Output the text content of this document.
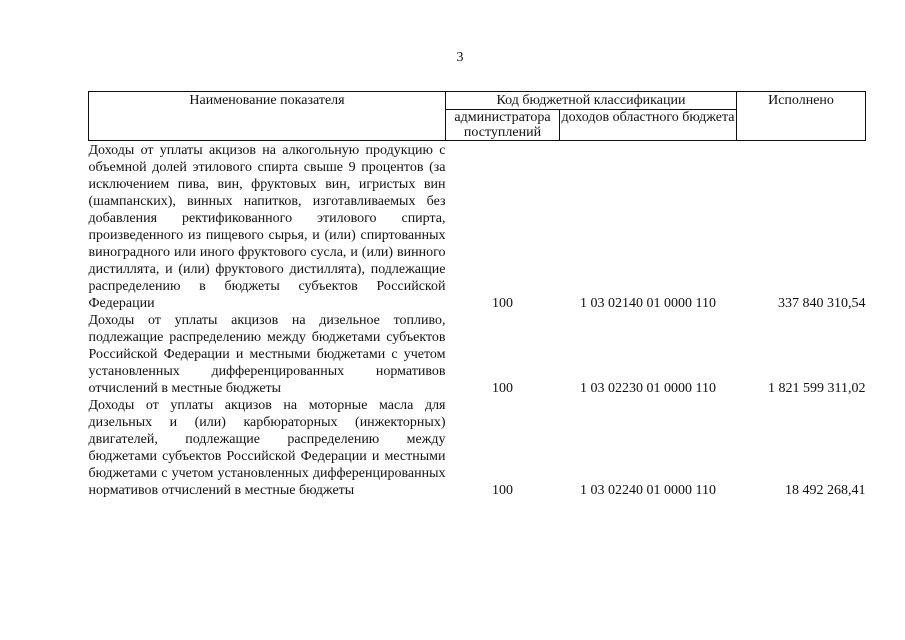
3
Наименование показателя	Код бюджетной классификации		Исполнено
	администратора поступлений	доходов областного бюджета	
Доходы от уплаты акцизов на алкогольную продукцию с объемной долей этилового спирта свыше 9 процентов (за исключением пива, вин, фруктовых вин, игристых вин (шампанских), винных напитков, изготавливаемых без добавления ректификованного этилового спирта, произведенного из пищевого сырья, и (или) спиртованных виноградного или иного фруктового сусла, и (или) винного дистиллята, и (или) фруктового дистиллята), подлежащие распределению в бюджеты субъектов Российской Федерации	100	1 03 02140 01 0000 110	337 840 310,54
Доходы от уплаты акцизов на дизельное топливо, подлежащие распределению между бюджетами субъектов Российской Федерации и местными бюджетами с учетом установленных дифференцированных нормативов отчислений в местные бюджеты	100	1 03 02230 01 0000 110	1 821 599 311,02
Доходы от уплаты акцизов на моторные масла для дизельных и (или) карбюраторных (инжекторных) двигателей, подлежащие распределению между бюджетами субъектов Российской Федерации и местными бюджетами с учетом установленных дифференцированных нормативов отчислений в местные бюджеты	100	1 03 02240 01 0000 110	18 492 268,41
